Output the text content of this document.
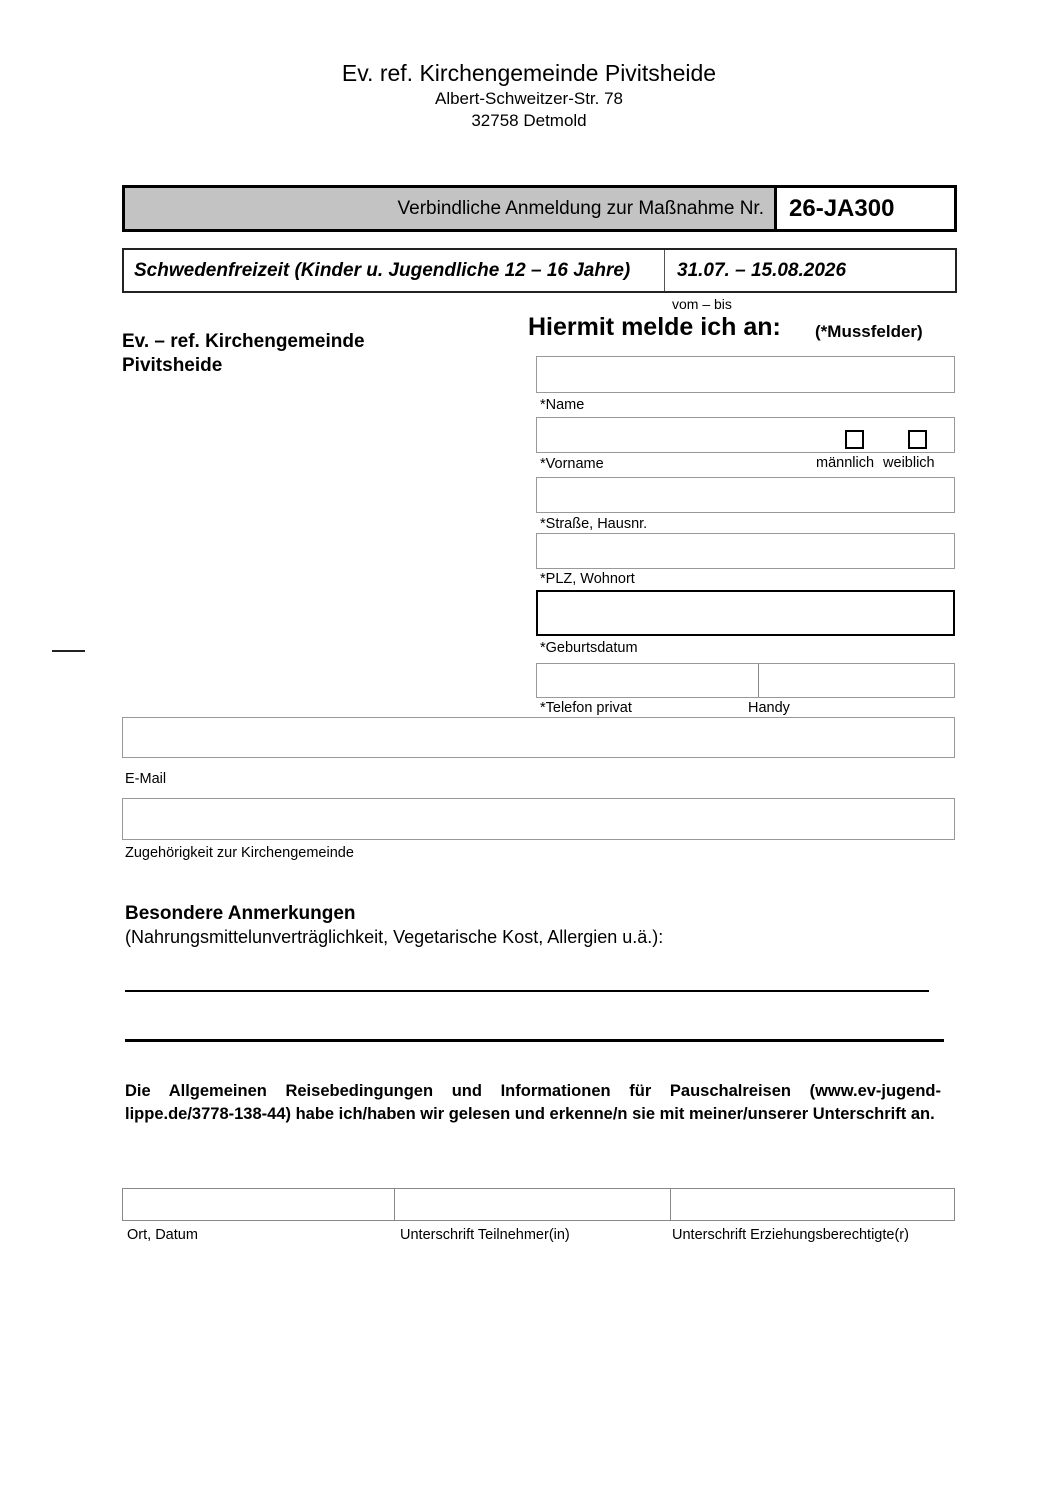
Ev. ref. Kirchengemeinde Pivitsheide
Albert-Schweitzer-Str. 78
32758 Detmold
Verbindliche Anmeldung zur Maßnahme Nr.	26-JA300
Schwedenfreizeit (Kinder u. Jugendliche 12 – 16 Jahre)	31.07. – 15.08.2026
vom – bis
Hiermit melde ich an: (*Mussfelder)
Ev. – ref. Kirchengemeinde
Pivitsheide
*Name
*Vorname	männlich weiblich
*Straße, Hausnr.
*PLZ, Wohnort
*Geburtsdatum
*Telefon privat	Handy
E-Mail
Zugehörigkeit zur Kirchengemeinde
Besondere Anmerkungen
(Nahrungsmittelunverträglichkeit, Vegetarische Kost, Allergien u.ä.):
Die Allgemeinen Reisebedingungen und Informationen für Pauschalreisen (www.ev-jugend-lippe.de/3778-138-44) habe ich/haben wir gelesen und erkenne/n sie mit meiner/unserer Unterschrift an.
Ort, Datum	Unterschrift Teilnehmer(in)	Unterschrift Erziehungsberechtigte(r)
